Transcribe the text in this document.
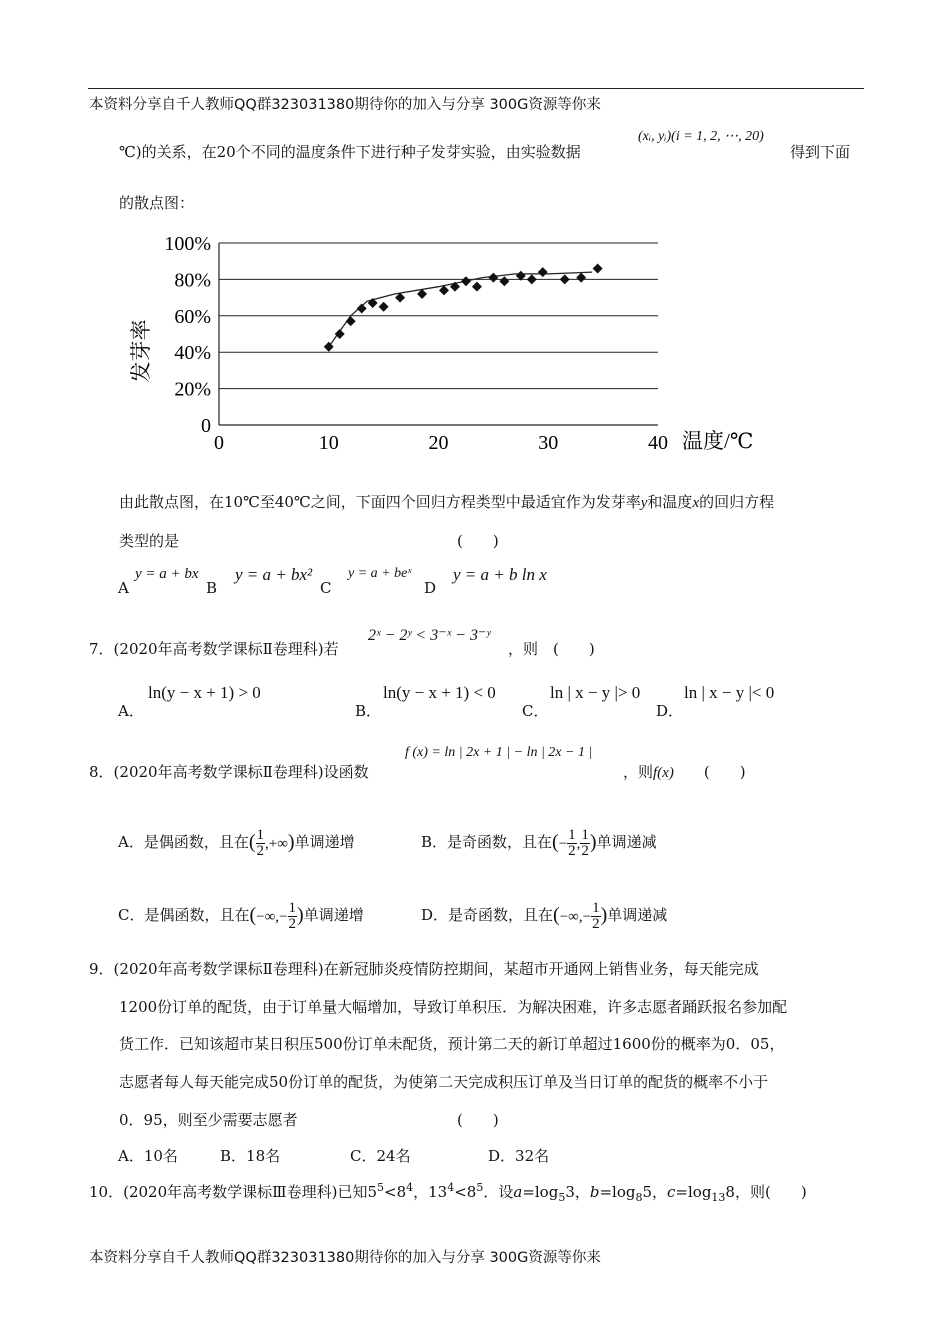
本资料分享自千人教师QQ群323031380期待你的加入与分享 300G资源等你来
℃)的关系，在20个不同的温度条件下进行种子发芽实验，由实验数据
(xᵢ, yᵢ)(i = 1, 2, ⋯, 20)
得到下面
的散点图：
0
20%
40%
60%
80%
100%
0	10	20	30	40
发芽率
温度/℃
由此散点图，在10℃至40℃之间，下面四个回归方程类型中最适宜作为发芽率y和温度x的回归方程
类型的是	(　　)
A
y = a + bx
B
y = a + bx²
C
y = a + beˣ
D
y = a + b ln x
7．(2020年高考数学课标Ⅱ卷理科)若
2ˣ − 2ʸ < 3⁻ˣ − 3⁻ʸ
，则　(　　)
A．
ln(y − x + 1) > 0
B．
ln(y − x + 1) < 0
C．
ln | x − y |> 0
D．
ln | x − y |< 0
8．(2020年高考数学课标Ⅱ卷理科)设函数
f (x) = ln | 2x + 1 | − ln | 2x − 1 |
，则f(x)　　(　　)
A．是偶函数，且在( $\frac{1}{2}$ ,+∞)单调递增	B．是奇函数，且在(− $\frac{1}{2}$ , $\frac{1}{2}$ )单调递减
C．是偶函数，且在(−∞,− $\frac{1}{2}$ )单调递增	D．是奇函数，且在(−∞,− $\frac{1}{2}$ )单调递减
9．(2020年高考数学课标Ⅱ卷理科)在新冠肺炎疫情防控期间，某超市开通网上销售业务，每天能完成
1200份订单的配货，由于订单量大幅增加，导致订单积压．为解决困难，许多志愿者踊跃报名参加配
货工作．已知该超市某日积压500份订单未配货，预计第二天的新订单超过1600份的概率为0．05，
志愿者每人每天能完成50份订单的配货，为使第二天完成积压订单及当日订单的配货的概率不小于
0．95，则至少需要志愿者	(　　)
A．10名	B．18名	C．24名	D．32名
10．(2020年高考数学课标Ⅲ卷理科)已知$5^5<8^4$，$13^4<8^5$．设$a=\log_53$，$b=\log_85$，$c=\log_{13}8$，则(　　)
本资料分享自千人教师QQ群323031380期待你的加入与分享 300G资源等你来
